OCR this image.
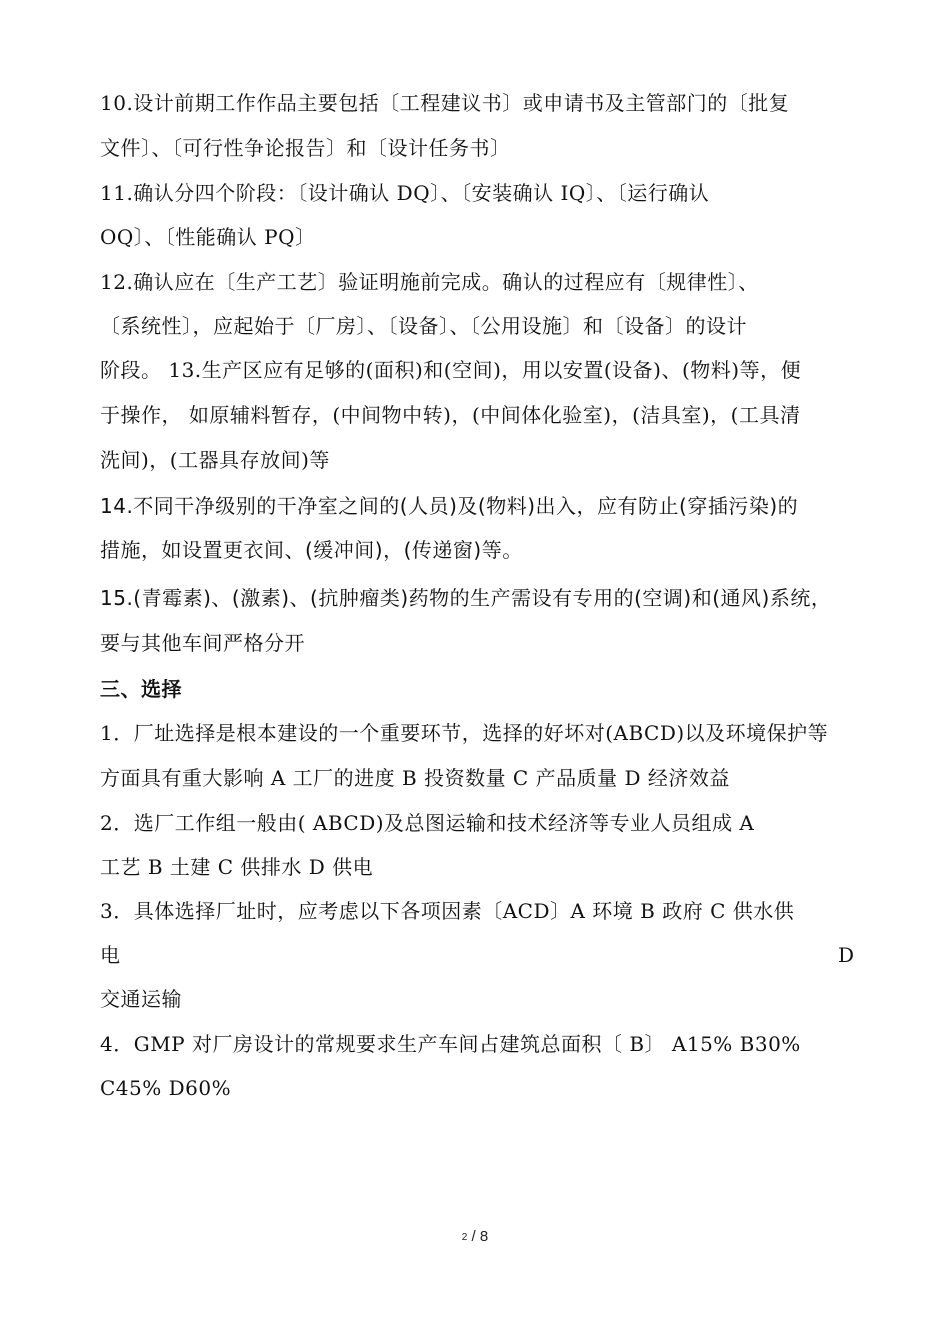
10.设计前期工作作品主要包括〔工程建议书〕或申请书及主管部门的〔批复
文件〕、〔可行性争论报告〕和〔设计任务书〕
11.确认分四个阶段：〔设计确认 DQ〕、〔安装确认 IQ〕、〔运行确认
OQ〕、〔性能确认 PQ〕
12.确认应在〔生产工艺〕验证明施前完成。确认的过程应有〔规律性〕、
〔系统性〕，应起始于〔厂房〕、〔设备〕、〔公用设施〕和〔设备〕的设计
阶段。 13.生产区应有足够的(面积)和(空间)，用以安置(设备)、(物料)等，便
于操作， 如原辅料暂存，(中间物中转)，(中间体化验室)，(洁具室)，(工具清
洗间)，(工器具存放间)等
14.不同干净级别的干净室之间的(人员)及(物料)出入，应有防止(穿插污染)的
措施，如设置更衣间、(缓冲间)，(传递窗)等。
15.(青霉素)、(激素)、(抗肿瘤类)药物的生产需设有专用的(空调)和(通风)系统，
要与其他车间严格分开
三、选择
1．厂址选择是根本建设的一个重要环节，选择的好坏对(ABCD)以及环境保护等
方面具有重大影响 A 工厂的进度 B 投资数量 C 产品质量 D 经济效益
2．选厂工作组一般由( ABCD)及总图运输和技术经济等专业人员组成 A
工艺 B 土建 C 供排水 D 供电
3．具体选择厂址时，应考虑以下各项因素〔ACD〕A 环境 B 政府 C 供水供
电	D
交通运输
4．GMP 对厂房设计的常规要求生产车间占建筑总面积〔 B〕 A15% B30%
C45% D60%
2 / 8
